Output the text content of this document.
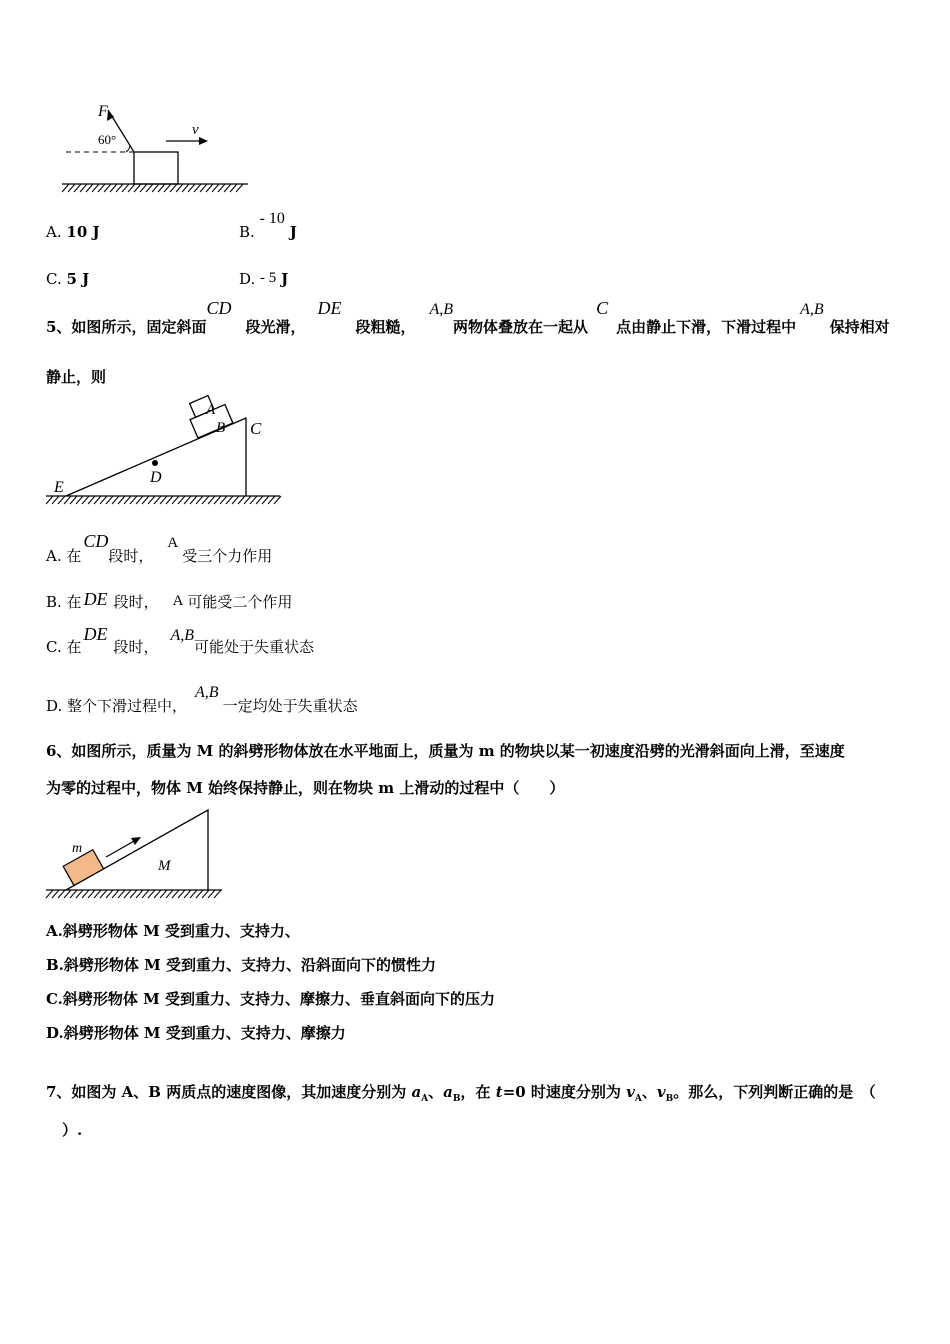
F
60°
v
A. 10 J	B. - 10 J
C. 5 J	D. - 5 J
5、如图所示，固定斜面CD段光滑，DE段粗糙，A,B两物体叠放在一起从C点由静止下滑，下滑过程中A,B保持相对
静止，则
A
B C
D
E
A. 在CD段时，A受三个力作用
B. 在 DE 段时， A 可能受二个作用
C. 在DE段时，A,B可能处于失重状态
D. 整个下滑过程中，A,B一定均处于失重状态
6、如图所示，质量为 M 的斜劈形物体放在水平地面上，质量为 m 的物块以某一初速度沿劈的光滑斜面向上滑，至速度
为零的过程中，物体 M 始终保持静止，则在物块 m 上滑动的过程中（　　）
m
M
A.斜劈形物体 M 受到重力、支持力、
B.斜劈形物体 M 受到重力、支持力、沿斜面向下的惯性力
C.斜劈形物体 M 受到重力、支持力、摩擦力、垂直斜面向下的压力
D.斜劈形物体 M 受到重力、支持力、摩擦力
7、如图为 A、B 两质点的速度图像，其加速度分别为 $a_A$、$a_B$，在 t=0 时速度分别为 $v_A$、$v_B$。那么，下列判断正确的是　（
）.
